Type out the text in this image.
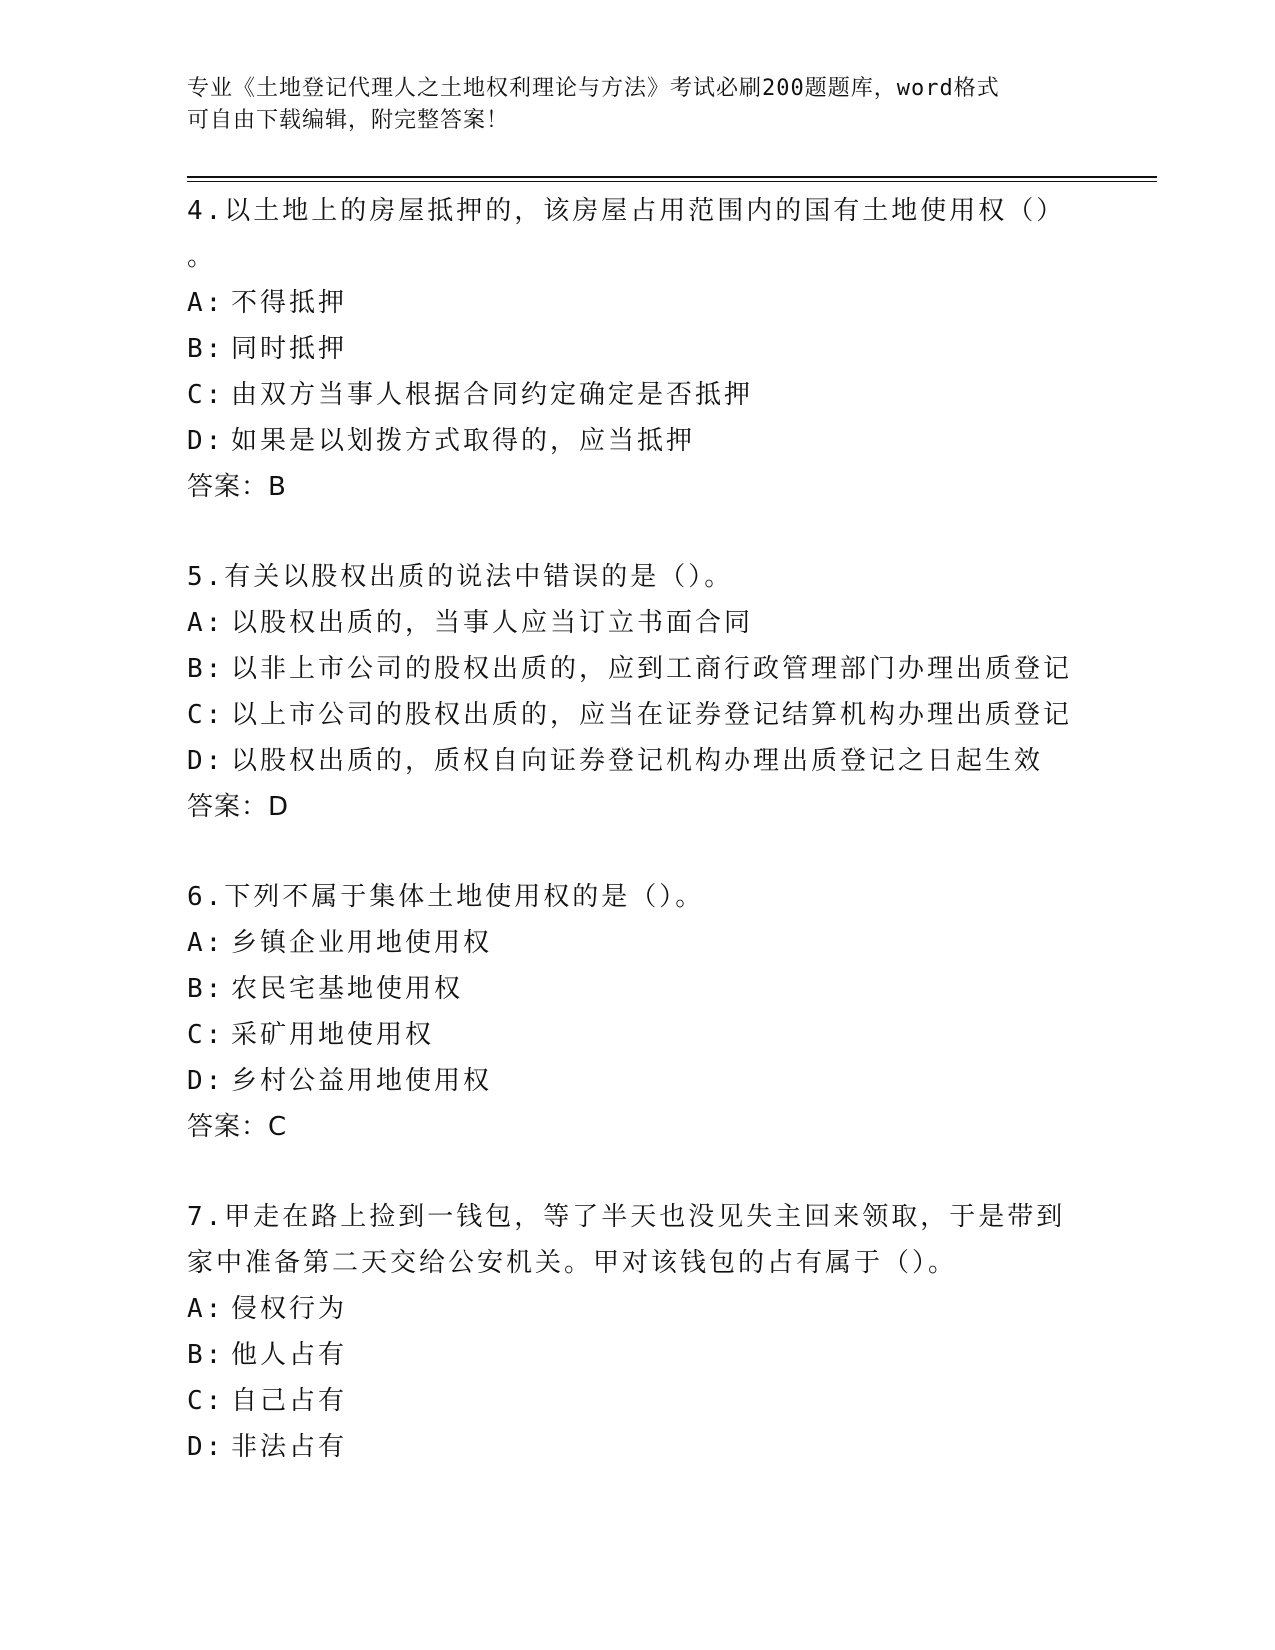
专业《土地登记代理人之土地权利理论与方法》考试必刷200题题库，word格式
可自由下载编辑，附完整答案！
4.以土地上的房屋抵押的，该房屋占用范围内的国有土地使用权（）
。
A: 不得抵押
B: 同时抵押
C: 由双方当事人根据合同约定确定是否抵押
D: 如果是以划拨方式取得的，应当抵押
答案：B
5.有关以股权出质的说法中错误的是（）。
A: 以股权出质的，当事人应当订立书面合同
B: 以非上市公司的股权出质的，应到工商行政管理部门办理出质登记
C: 以上市公司的股权出质的，应当在证券登记结算机构办理出质登记
D: 以股权出质的，质权自向证券登记机构办理出质登记之日起生效
答案：D
6.下列不属于集体土地使用权的是（）。
A: 乡镇企业用地使用权
B: 农民宅基地使用权
C: 采矿用地使用权
D: 乡村公益用地使用权
答案：C
7.甲走在路上捡到一钱包，等了半天也没见失主回来领取，于是带到
家中准备第二天交给公安机关。甲对该钱包的占有属于（）。
A: 侵权行为
B: 他人占有
C: 自己占有
D: 非法占有
